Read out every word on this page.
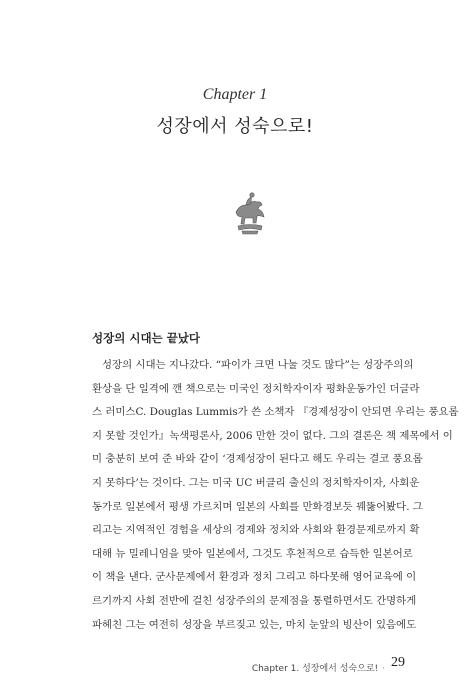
Chapter 1
성장에서 성숙으로!
성장의 시대는 끝났다
성장의 시대는 지나갔다. “파이가 크면 나눌 것도 많다”는 성장주의의
환상을 단 일격에 깬 책으로는 미국인 정치학자이자 평화운동가인 더글라
스 러미스C. Douglas Lummis가 쓴 소책자 『경제성장이 안되면 우리는 풍요롭
지 못할 것인가』녹색평론사, 2006 만한 것이 없다. 그의 결론은 책 제목에서 이
미 충분히 보여 준 바와 같이 ‘경제성장이 된다고 해도 우리는 결코 풍요롭
지 못하다’는 것이다. 그는 미국 UC 버클리 출신의 정치학자이자, 사회운
동가로 일본에서 평생 가르치며 일본의 사회를 만화경보듯 꿰뚫어봤다. 그
리고는 지역적인 경험을 세상의 경제와 정치와 사회와 환경문제로까지 확
대해 뉴 밀레니엄을 맞아 일본에서, 그것도 후천적으로 습득한 일본어로
이 책을 낸다. 군사문제에서 환경과 정치 그리고 하다못해 영어교육에 이
르기까지 사회 전반에 걸친 성장주의의 문제점을 통렬하면서도 간명하게
파헤친 그는 여전히 성장을 부르짖고 있는, 마치 눈앞의 빙산이 있음에도
Chapter 1. 성장에서 성숙으로! · 29
